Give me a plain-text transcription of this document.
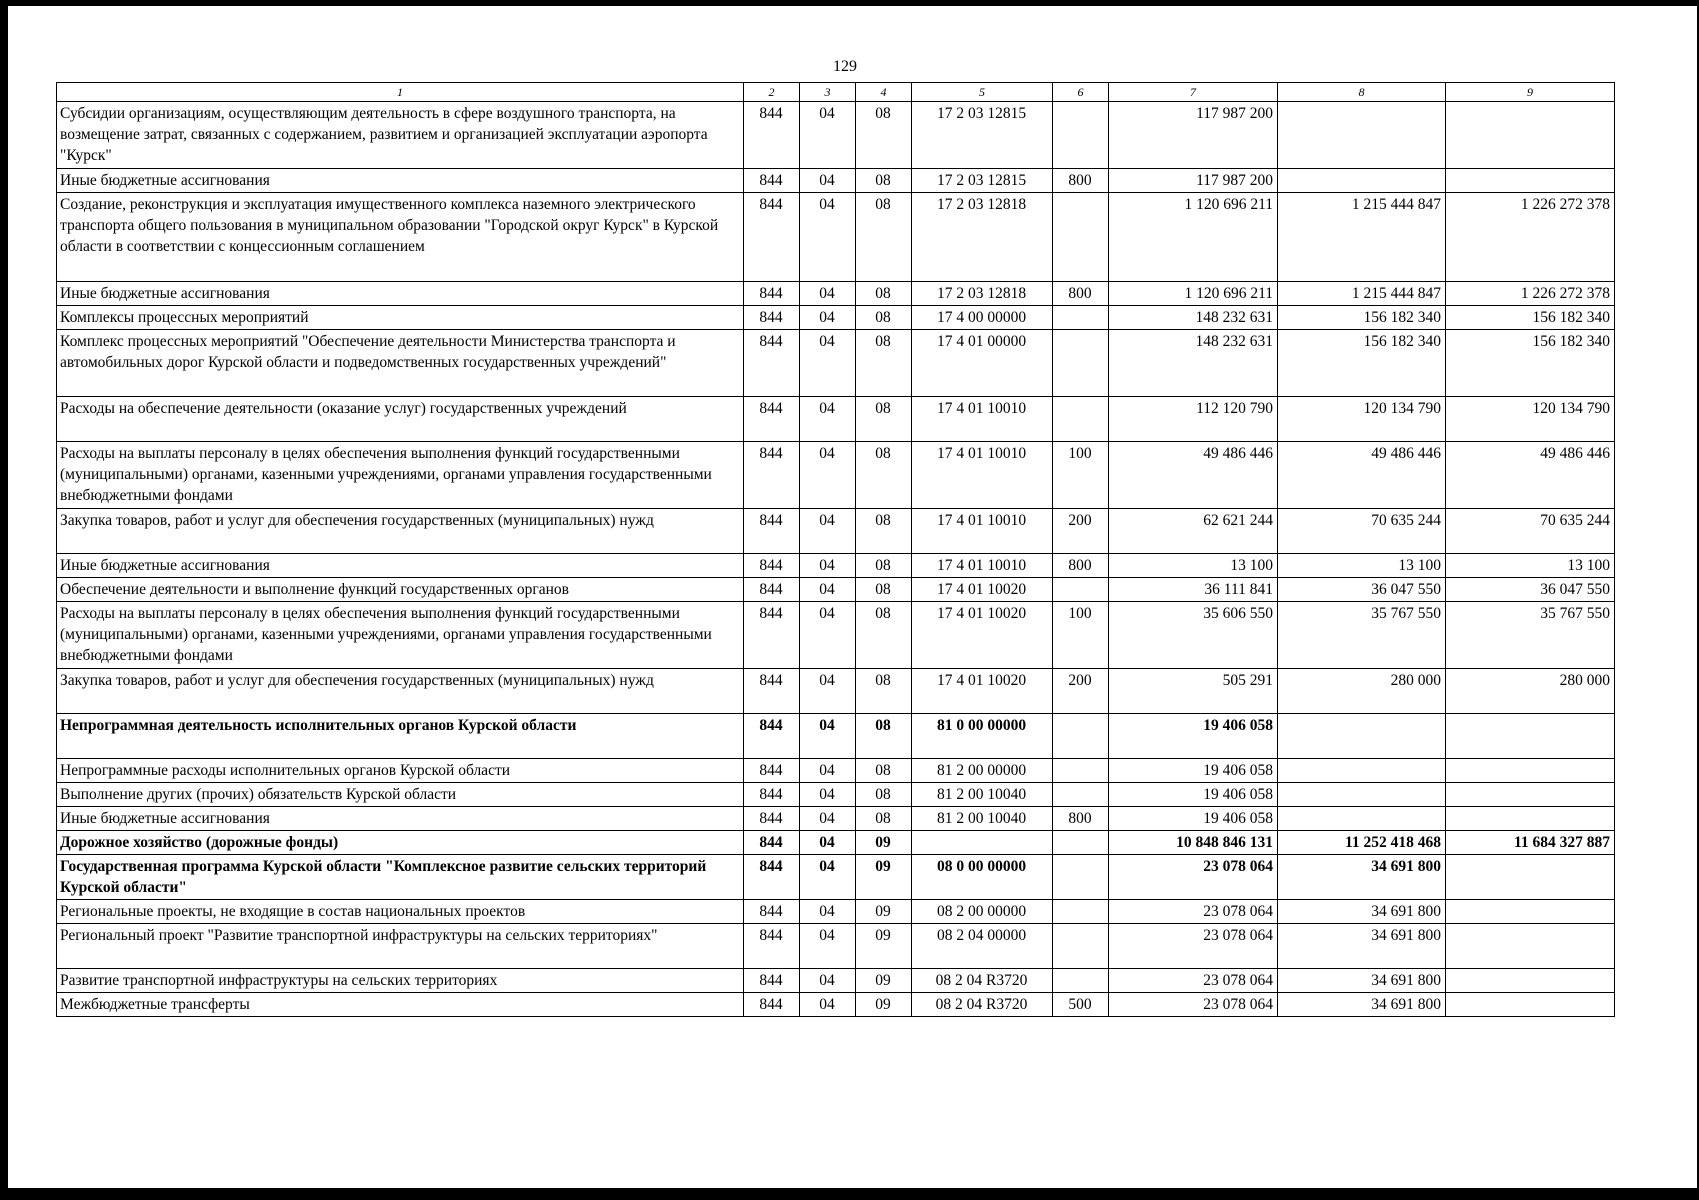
129
1	2	3	4	5	6	7	8	9
Субсидии организациям, осуществляющим деятельность в сфере воздушного транспорта, на возмещение затрат, связанных с содержанием, развитием и организацией эксплуатации аэропорта "Курск"	844	04	08	17 2 03 12815		117 987 200		
Иные бюджетные ассигнования	844	04	08	17 2 03 12815	800	117 987 200		
Создание, реконструкция и эксплуатация имущественного комплекса наземного электрического транспорта общего пользования в муниципальном образовании "Городской округ Курск" в Курской области в соответствии с концессионным соглашением	844	04	08	17 2 03 12818		1 120 696 211	1 215 444 847	1 226 272 378
Иные бюджетные ассигнования	844	04	08	17 2 03 12818	800	1 120 696 211	1 215 444 847	1 226 272 378
Комплексы процессных мероприятий	844	04	08	17 4 00 00000		148 232 631	156 182 340	156 182 340
Комплекс процессных мероприятий "Обеспечение деятельности Министерства транспорта и автомобильных дорог Курской области и подведомственных государственных учреждений"	844	04	08	17 4 01 00000		148 232 631	156 182 340	156 182 340
Расходы на обеспечение деятельности (оказание услуг) государственных учреждений	844	04	08	17 4 01 10010		112 120 790	120 134 790	120 134 790
Расходы на выплаты персоналу в целях обеспечения выполнения функций государственными (муниципальными) органами, казенными учреждениями, органами управления государственными внебюджетными фондами	844	04	08	17 4 01 10010	100	49 486 446	49 486 446	49 486 446
Закупка товаров, работ и услуг для обеспечения государственных (муниципальных) нужд	844	04	08	17 4 01 10010	200	62 621 244	70 635 244	70 635 244
Иные бюджетные ассигнования	844	04	08	17 4 01 10010	800	13 100	13 100	13 100
Обеспечение деятельности и выполнение функций государственных органов	844	04	08	17 4 01 10020		36 111 841	36 047 550	36 047 550
Расходы на выплаты персоналу в целях обеспечения выполнения функций государственными (муниципальными) органами, казенными учреждениями, органами управления государственными внебюджетными фондами	844	04	08	17 4 01 10020	100	35 606 550	35 767 550	35 767 550
Закупка товаров, работ и услуг для обеспечения государственных (муниципальных) нужд	844	04	08	17 4 01 10020	200	505 291	280 000	280 000
Непрограммная деятельность исполнительных органов Курской области	844	04	08	81 0 00 00000		19 406 058		
Непрограммные расходы исполнительных органов Курской области	844	04	08	81 2 00 00000		19 406 058		
Выполнение других (прочих) обязательств Курской области	844	04	08	81 2 00 10040		19 406 058		
Иные бюджетные ассигнования	844	04	08	81 2 00 10040	800	19 406 058		
Дорожное хозяйство (дорожные фонды)	844	04	09			10 848 846 131	11 252 418 468	11 684 327 887
Государственная программа Курской области "Комплексное развитие сельских территорий Курской области"	844	04	09	08 0 00 00000		23 078 064	34 691 800	
Региональные проекты, не входящие в состав национальных проектов	844	04	09	08 2 00 00000		23 078 064	34 691 800	
Региональный проект "Развитие транспортной инфраструктуры на сельских территориях"	844	04	09	08 2 04 00000		23 078 064	34 691 800	
Развитие транспортной инфраструктуры на сельских территориях	844	04	09	08 2 04 R3720		23 078 064	34 691 800	
Межбюджетные трансферты	844	04	09	08 2 04 R3720	500	23 078 064	34 691 800	
